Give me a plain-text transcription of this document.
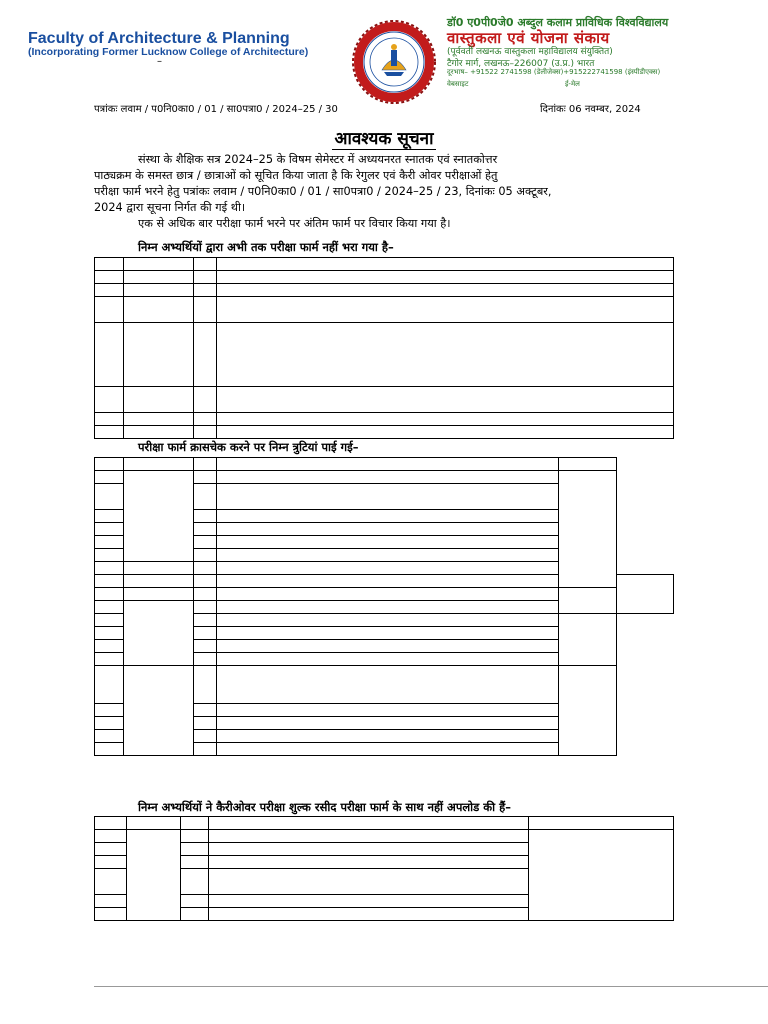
Faculty of Architecture & Planning
(Incorporating Former Lucknow College of Architecture)
–
डॉ0 ए0पी0जे0 अब्दुल कलाम प्राविधिक विश्वविद्यालय
वास्तुकला एवं योजना संकाय
(पूर्ववर्ती लखनऊ वास्तुकला महाविद्यालय संयुक्तित)
टैगोर मार्ग, लखनऊ–226007 (उ.प्र.) भारत
दूरभाष– +91522 2741598 (डेलीजेक्स)+915222741598 (इंस्पीडीएक्स)
वेबसाइट	ई-मेल
पत्रांकः लवाम / प0नि0का0 / 01 / सा0पत्रा0 / 2024–25 / 30	दिनांकः 06 नवम्बर, 2024
आवश्यक सूचना
संस्था के शैक्षिक सत्र 2024–25 के विषम सेमेस्टर में अध्ययनरत स्नातक एवं स्नातकोत्तर
पाठ्यक्रम के समस्त छात्र / छात्राओं को सूचित किया जाता है कि रेगुलर एवं कैरी ओवर परीक्षाओं हेतु
परीक्षा फार्म भरने हेतु पत्रांकः लवाम / प0नि0का0 / 01 / सा0पत्रा0 / 2024–25 / 23, दिनांकः 05 अक्टूबर,
2024 द्वारा सूचना निर्गत की गई थी।
एक से अधिक बार परीक्षा फार्म भरने पर अंतिम फार्म पर विचार किया गया है।
निम्न अभ्यर्थियों द्वारा अभी तक परीक्षा फार्म नहीं भरा गया है–

परीक्षा फार्म क्रासचेक करने पर निम्न त्रुटियां पाई गई–

निम्न अभ्यर्थियों ने कैरीओवर परीक्षा शुल्क रसीद परीक्षा फार्म के साथ नहीं अपलोड की हैं–
